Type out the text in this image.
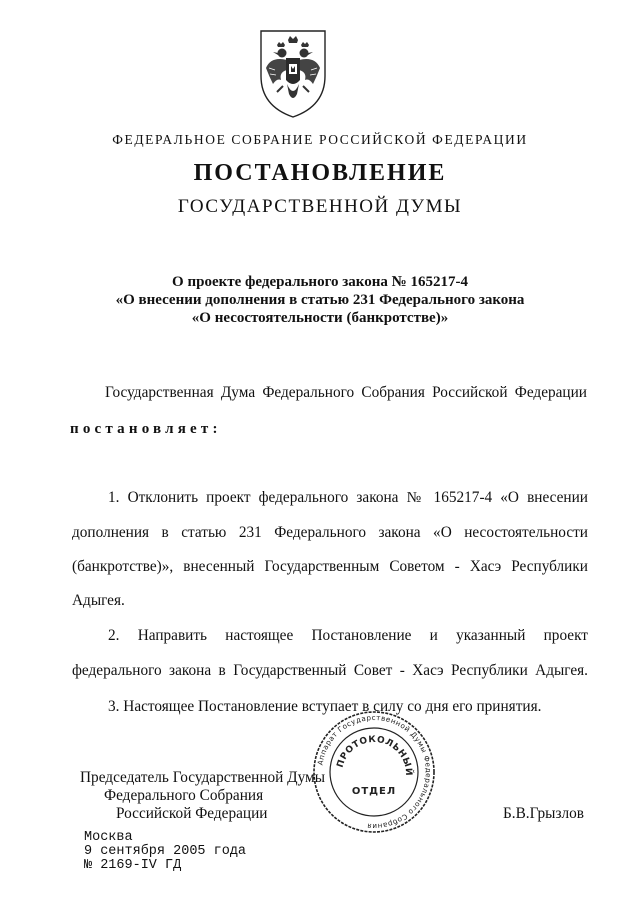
ФЕДЕРАЛЬНОЕ СОБРАНИЕ РОССИЙСКОЙ ФЕДЕРАЦИИ
ПОСТАНОВЛЕНИЕ
ГОСУДАРСТВЕННОЙ ДУМЫ
О проекте федерального закона № 165217-4
«О внесении дополнения в статью 231 Федерального закона
«О несостоятельности (банкротстве)»
Государственная Дума Федерального Собрания Российской Федерации
постановляет:
1. Отклонить проект федерального закона № 165217-4 «О внесении
дополнения в статью 231 Федерального закона «О несостоятельности
(банкротстве)», внесенный Государственным Советом - Хасэ Республики
Адыгея.
2. Направить настоящее Постановление и указанный проект
федерального закона в Государственный Совет - Хасэ Республики Адыгея.
3. Настоящее Постановление вступает в силу со дня его принятия.
Председатель Государственной Думы
Федерального Собрания
Российской Федерации	Б.В.Грызлов
Аппарат Государственной Думы Федерального Собрания
ПРОТОКОЛЬНЫЙ
ОТДЕЛ
Москва
9 сентября 2005 года
№ 2169-IV ГД
